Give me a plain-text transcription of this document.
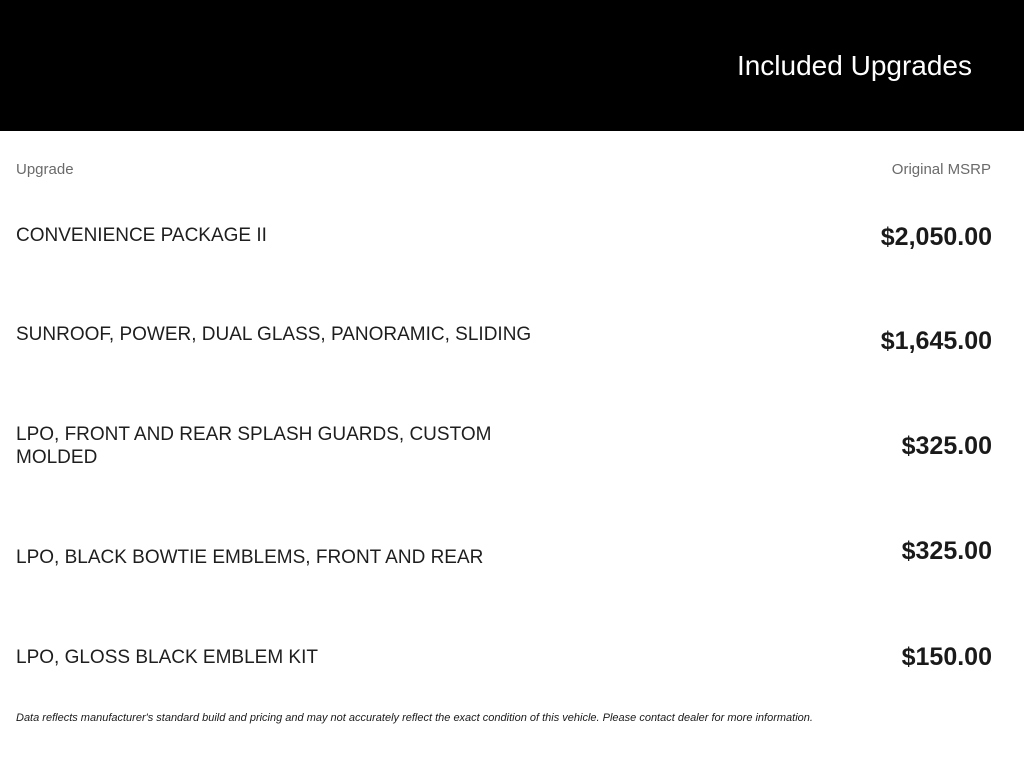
Included Upgrades
Upgrade	Original MSRP
CONVENIENCE PACKAGE II	$2,050.00
SUNROOF, POWER, DUAL GLASS, PANORAMIC, SLIDING	$1,645.00
LPO, FRONT AND REAR SPLASH GUARDS, CUSTOM MOLDED	$325.00
LPO, BLACK BOWTIE EMBLEMS, FRONT AND REAR	$325.00
LPO, GLOSS BLACK EMBLEM KIT	$150.00
Data reflects manufacturer's standard build and pricing and may not accurately reflect the exact condition of this vehicle. Please contact dealer for more information.
